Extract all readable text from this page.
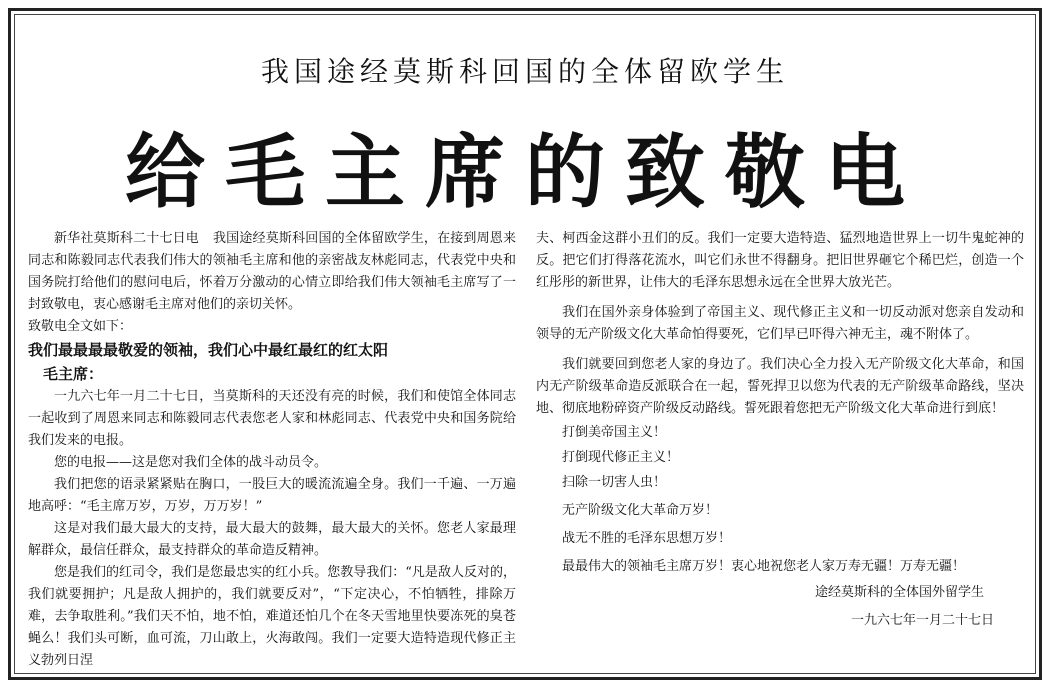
我国途经莫斯科回国的全体留欧学生
给毛主席的致敬电

新华社莫斯科二十七日电 我国途经莫斯科回国的全体留欧学生，在接到周恩来同志和陈毅同志代表我们伟大的领袖毛主席和他的亲密战友林彪同志，代表党中央和国务院打给他们的慰问电后，怀着万分激动的心情立即给我们伟大领袖毛主席写了一封致敬电，衷心感谢毛主席对他们的亲切关怀。

致敬电全文如下：

我们最最最最敬爱的领袖，我们心中最红最红的红太阳

毛主席：

一九六七年一月二十七日，当莫斯科的天还没有亮的时候，我们和使馆全体同志一起收到了周恩来同志和陈毅同志代表您老人家和林彪同志、代表党中央和国务院给我们发来的电报。

您的电报——这是您对我们全体的战斗动员令。

我们把您的语录紧紧贴在胸口，一股巨大的暖流流遍全身。我们一千遍、一万遍地高呼：“毛主席万岁，万岁，万万岁！”

这是对我们最大最大的支持，最大最大的鼓舞，最大最大的关怀。您老人家最理解群众，最信任群众，最支持群众的革命造反精神。

您是我们的红司令，我们是您最忠实的红小兵。您教导我们：“凡是敌人反对的，我们就要拥护；凡是敌人拥护的，我们就要反对”，“下定决心，不怕牺牲，排除万难，去争取胜利。”我们天不怕，地不怕，难道还怕几个在冬天雪地里快要冻死的臭苍蝇么！我们头可断，血可流，刀山敢上，火海敢闯。我们一定要大造特造现代修正主义勃列日涅

夫、柯西金这群小丑们的反。我们一定要大造特造、猛烈地造世界上一切牛鬼蛇神的反。把它们打得落花流水，叫它们永世不得翻身。把旧世界砸它个稀巴烂，创造一个红彤彤的新世界，让伟大的毛泽东思想永远在全世界大放光芒。

我们在国外亲身体验到了帝国主义、现代修正主义和一切反动派对您亲自发动和领导的无产阶级文化大革命怕得要死，它们早已吓得六神无主，魂不附体了。

我们就要回到您老人家的身边了。我们决心全力投入无产阶级文化大革命，和国内无产阶级革命造反派联合在一起，誓死捍卫以您为代表的无产阶级革命路线，坚决地、彻底地粉碎资产阶级反动路线。誓死跟着您把无产阶级文化大革命进行到底！

打倒美帝国主义！

打倒现代修正主义！

扫除一切害人虫！

无产阶级文化大革命万岁！

战无不胜的毛泽东思想万岁！

最最伟大的领袖毛主席万岁！衷心地祝您老人家万寿无疆！万寿无疆！

途经莫斯科的全体国外留学生
一九六七年一月二十七日
